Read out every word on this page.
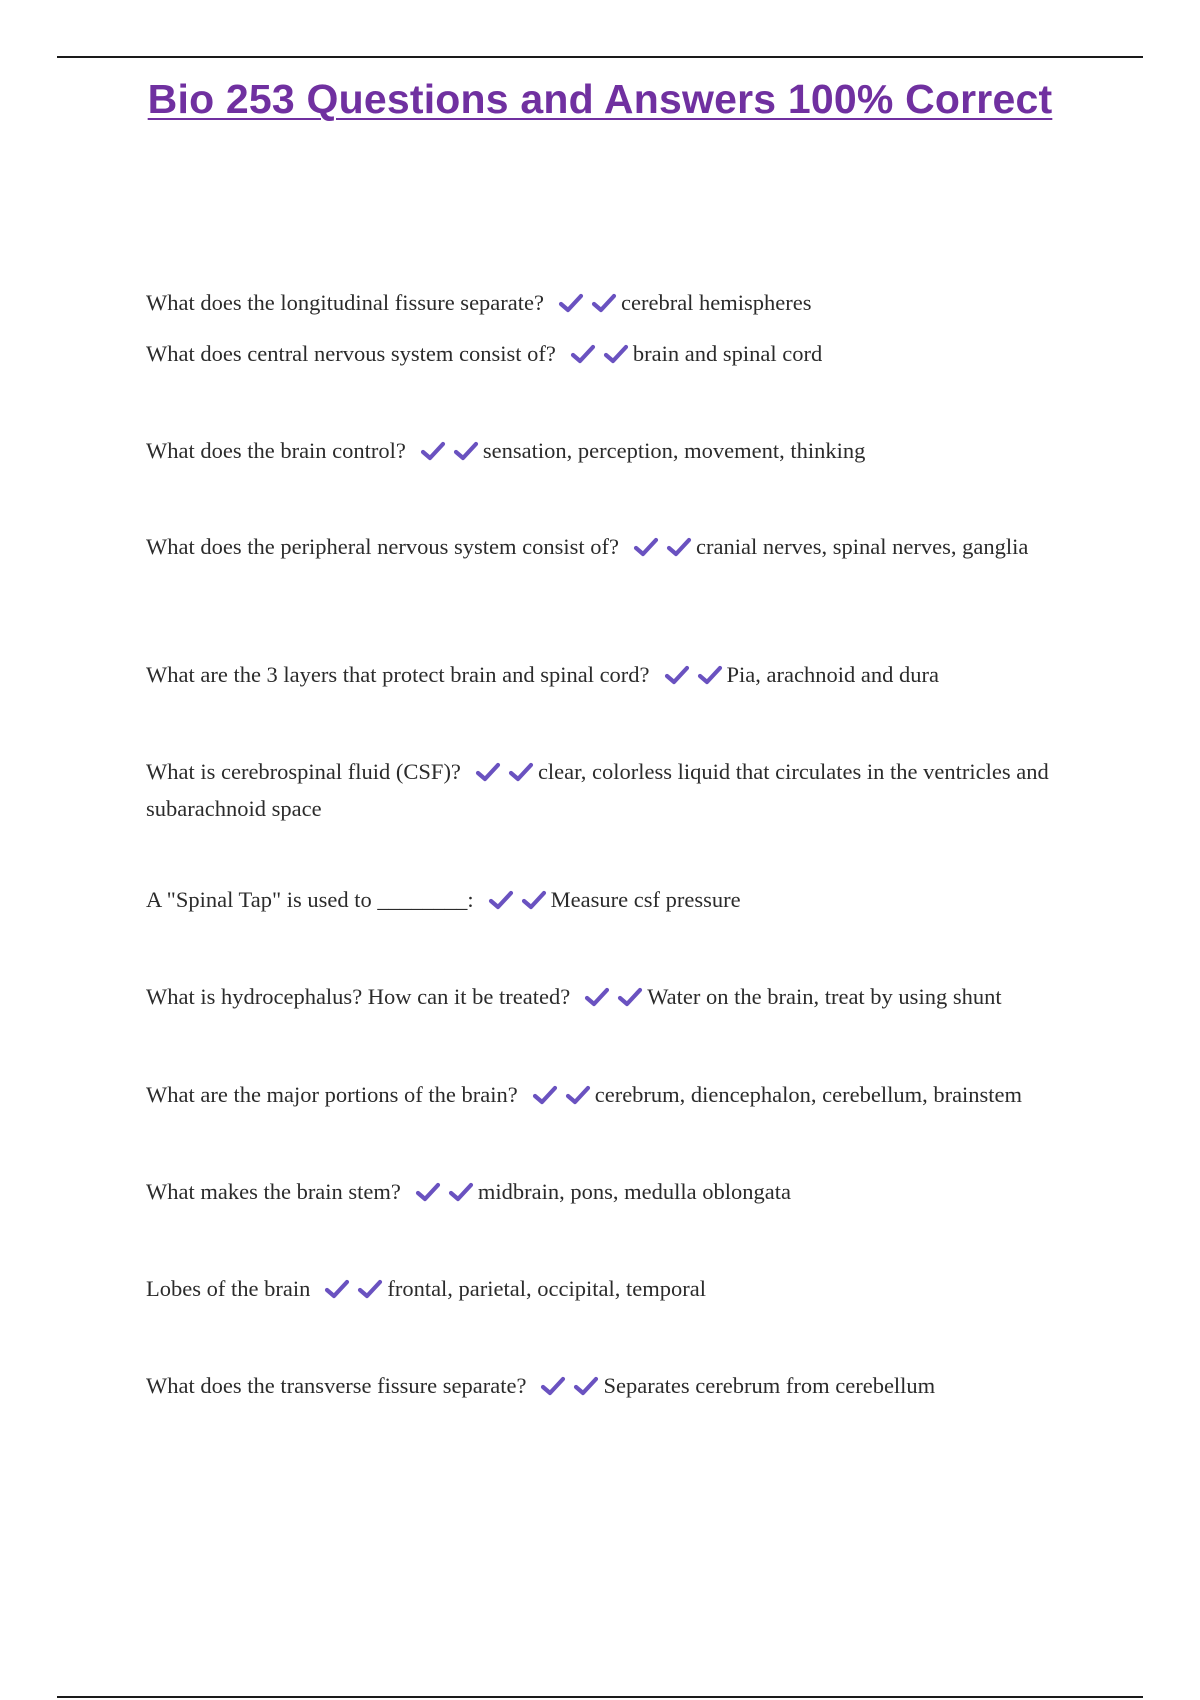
Bio 253 Questions and Answers 100% Correct

What does the longitudinal fissure separate?	cerebral hemispheres

What does central nervous system consist of?	brain and spinal cord

What does the brain control?	sensation, perception, movement, thinking

What does the peripheral nervous system consist of?	cranial nerves, spinal nerves, ganglia

What are the 3 layers that protect brain and spinal cord?	Pia, arachnoid and dura

What is cerebrospinal fluid (CSF)?	clear, colorless liquid that circulates in the ventricles and subarachnoid space

A "Spinal Tap" is used to ________:	Measure csf pressure

What is hydrocephalus? How can it be treated?	Water on the brain, treat by using shunt

What are the major portions of the brain?	cerebrum, diencephalon, cerebellum, brainstem

What makes the brain stem?	midbrain, pons, medulla oblongata

Lobes of the brain	frontal, parietal, occipital, temporal

What does the transverse fissure separate?	Separates cerebrum from cerebellum
